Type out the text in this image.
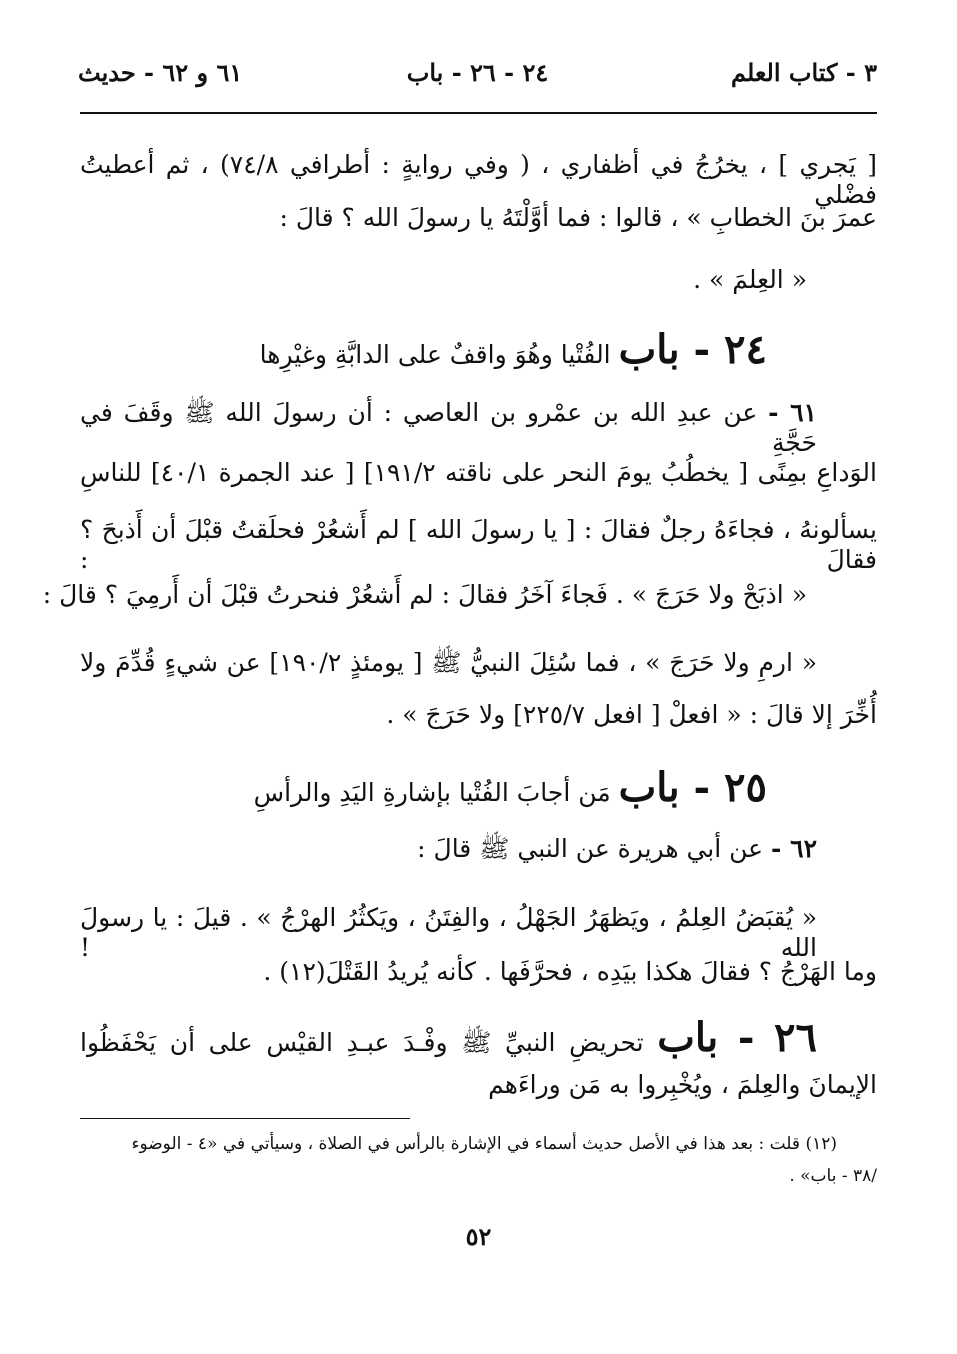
٣ - كتاب العلم
٢٤ - ٢٦ - باب
٦١ و ٦٢ - حديث
[ يَجري ] ، يخرُجُ في أظفاري ، ( وفي روايةٍ : أطرافي ٧٤/٨) ، ثم أعطيتُ فضْلي
عمرَ بنَ الخطابِ » ، قالوا : فما أوَّلْتَهُ يا رسولَ الله ؟ قالَ :
« العِلمَ » .
٢٤ - باب الفُتْيا وهُوَ واقفٌ على الدابَّةِ وغيْرِها
٦١ - عن عبدِ الله بن عمْرو بن العاصي : أن رسولَ الله ﷺ وقَفَ في حَجَّةِ
الوَداعِ بمِنًى [ يخطُبُ يومَ النحر على ناقته ١٩١/٢] [ عند الجمرة ٤٠/١] للناسِ
يسألونهُ ، فجاءَهُ رجلٌ فقالَ : [ يا رسولَ الله ] لم أَشعُرْ فحلَقتُ قبْلَ أن أَذبحَ ؟ فقالَ :
« اذبَحْ ولا حَرَجَ » . فَجاءَ آخَرُ فقالَ : لم أَشعُرْ فنحرتُ قبْلَ أن أَرمِيَ ؟ قالَ :
« ارمِ ولا حَرَجَ » ، فما سُئِلَ النبيُّ ﷺ [ يومئذٍ ١٩٠/٢] عن شيءٍ قُدِّمَ ولا
أُخِّرَ إلا قالَ : « افعلْ [ افعل ٢٢٥/٧] ولا حَرَجَ » .
٢٥ - باب مَن أجابَ الفُتْيا بإشارةِ اليَدِ والرأسِ
٦٢ - عن أبي هريرة عن النبي ﷺ قالَ :
« يُقبَضُ العِلمُ ، ويَظهَرُ الجَهْلُ ، والفِتَنُ ، ويَكثُرُ الهرْجُ » . قيلَ : يا رسولَ الله !
وما الهَرْجُ ؟ فقالَ هكذا بيَدِه ، فحرَّفَها . كأنه يُريدُ القَتْلَ(١٢) .
٢٦ - باب تحريضِ النبيِّ ﷺ وفْـدَ عبـدِ القيْس على أن يَحْفَظُوا
الإيمانَ والعِلمَ ، ويُخْبِروا به مَن وراءَهم
(١٢) قلت : بعد هذا في الأصل حديث أسماء في الإشارة بالرأس في الصلاة ، وسيأتي في «٤ - الوضوء
/٣٨ - باب» .
٥٢
